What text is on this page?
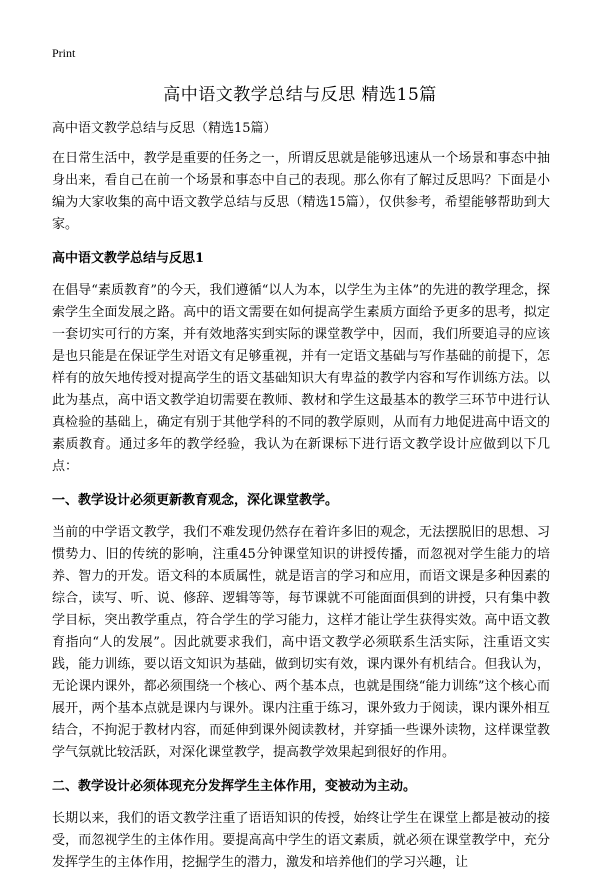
Print
高中语文教学总结与反思 精选15篇

高中语文教学总结与反思（精选15篇）

在日常生活中，教学是重要的任务之一，所谓反思就是能够迅速从一个场景和事态中抽身出来，看自己在前一个场景和事态中自己的表现。那么你有了解过反思吗？下面是小编为大家收集的高中语文教学总结与反思（精选15篇），仅供参考，希望能够帮助到大家。

高中语文教学总结与反思1

在倡导“素质教育”的今天，我们遵循“以人为本，以学生为主体”的先进的教学理念，探索学生全面发展之路。高中的语文需要在如何提高学生素质方面给予更多的思考，拟定一套切实可行的方案，并有效地落实到实际的课堂教学中，因而，我们所要追寻的应该是也只能是在保证学生对语文有足够重视，并有一定语文基础与写作基础的前提下，怎样有的放矢地传授对提高学生的语文基础知识大有卑益的教学内容和写作训练方法。以此为基点，高中语文教学迫切需要在教师、教材和学生这最基本的教学三环节中进行认真检验的基础上，确定有别于其他学科的不同的教学原则，从而有力地促进高中语文的素质教育。通过多年的教学经验，我认为在新课标下进行语文教学设计应做到以下几点：

一、教学设计必须更新教育观念，深化课堂教学。

当前的中学语文教学，我们不难发现仍然存在着许多旧的观念，无法摆脱旧的思想、习惯势力、旧的传统的影响，注重45分钟课堂知识的讲授传播，而忽视对学生能力的培养、智力的开发。语文科的本质属性，就是语言的学习和应用，而语文课是多种因素的综合，读写、听、说、修辞、逻辑等等，每节课就不可能面面俱到的讲授，只有集中教学目标，突出教学重点，符合学生的学习能力，这样才能让学生获得实效。高中语文教育指向“人的发展”。因此就要求我们，高中语文教学必须联系生活实际，注重语文实践，能力训练，要以语文知识为基础，做到切实有效，课内课外有机结合。但我认为，无论课内课外，都必须围绕一个核心、两个基本点，也就是围绕“能力训练”这个核心而展开，两个基本点就是课内与课外。课内注重于练习，课外致力于阅读，课内课外相互结合，不拘泥于教材内容，而延伸到课外阅读教材，并穿插一些课外读物，这样课堂教学气氛就比较活跃，对深化课堂教学，提高教学效果起到很好的作用。

二、教学设计必须体现充分发挥学生主体作用，变被动为主动。

长期以来，我们的语文教学注重了语语知识的传授，始终让学生在课堂上都是被动的接受，而忽视学生的主体作用。要提高高中学生的语文素质，就必须在课堂教学中，充分发挥学生的主体作用，挖掘学生的潜力，激发和培养他们的学习兴趣，让
